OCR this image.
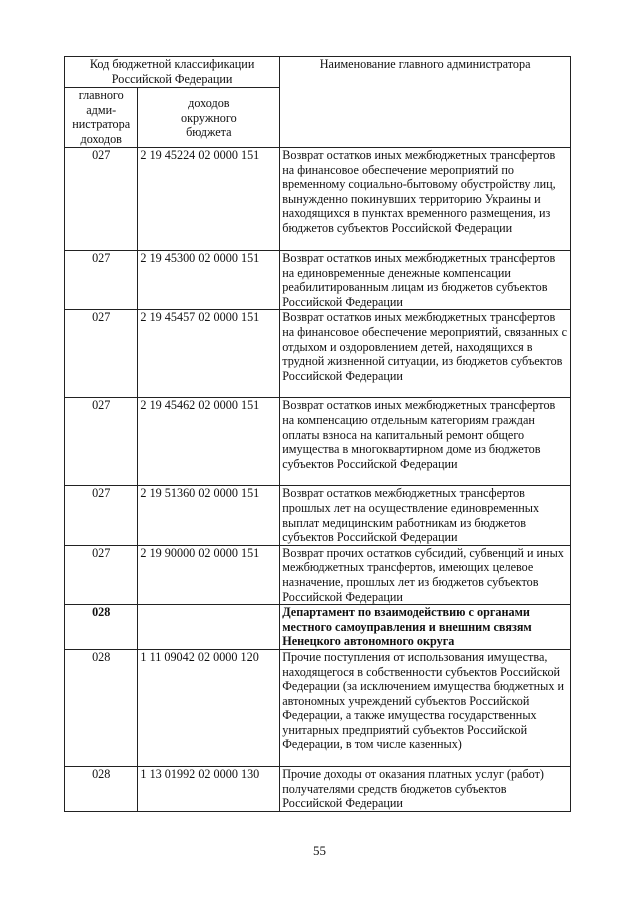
Код бюджетной классификации Российской Федерации		Наименование главного администратора
главного адми-нистратора доходов	доходов окружного бюджета	
027	2 19 45224 02 0000 151	Возврат остатков иных межбюджетных трансфертов на финансовое обеспечение мероприятий по временному социально-бытовому обустройству лиц, вынужденно покинувших территорию Украины и находящихся в пунктах временного размещения, из бюджетов субъектов Российской Федерации
027	2 19 45300 02 0000 151	Возврат остатков иных межбюджетных трансфертов на единовременные денежные компенсации реабилитированным лицам из бюджетов субъектов Российской Федерации
027	2 19 45457 02 0000 151	Возврат остатков иных межбюджетных трансфертов на финансовое обеспечение мероприятий, связанных с отдыхом и оздоровлением детей, находящихся в трудной жизненной ситуации, из бюджетов субъектов Российской Федерации
027	2 19 45462 02 0000 151	Возврат остатков иных межбюджетных трансфертов на компенсацию отдельным категориям граждан оплаты взноса на капитальный ремонт общего имущества в многоквартирном доме из бюджетов субъектов Российской Федерации
027	2 19 51360 02 0000 151	Возврат остатков межбюджетных трансфертов прошлых лет на осуществление единовременных выплат медицинским работникам из бюджетов субъектов Российской Федерации
027	2 19 90000 02 0000 151	Возврат прочих остатков субсидий, субвенций и иных межбюджетных трансфертов, имеющих целевое назначение, прошлых лет из бюджетов субъектов Российской Федерации
028		Департамент по взаимодействию с органами местного самоуправления и внешним связям Ненецкого автономного округа
028	1 11 09042 02 0000 120	Прочие поступления от использования имущества, находящегося в собственности субъектов Российской Федерации (за исключением имущества бюджетных и автономных учреждений субъектов Российской Федерации, а также имущества государственных унитарных предприятий субъектов Российской Федерации, в том числе казенных)
028	1 13 01992 02 0000 130	Прочие доходы от оказания платных услуг (работ) получателями средств бюджетов субъектов Российской Федерации
55
